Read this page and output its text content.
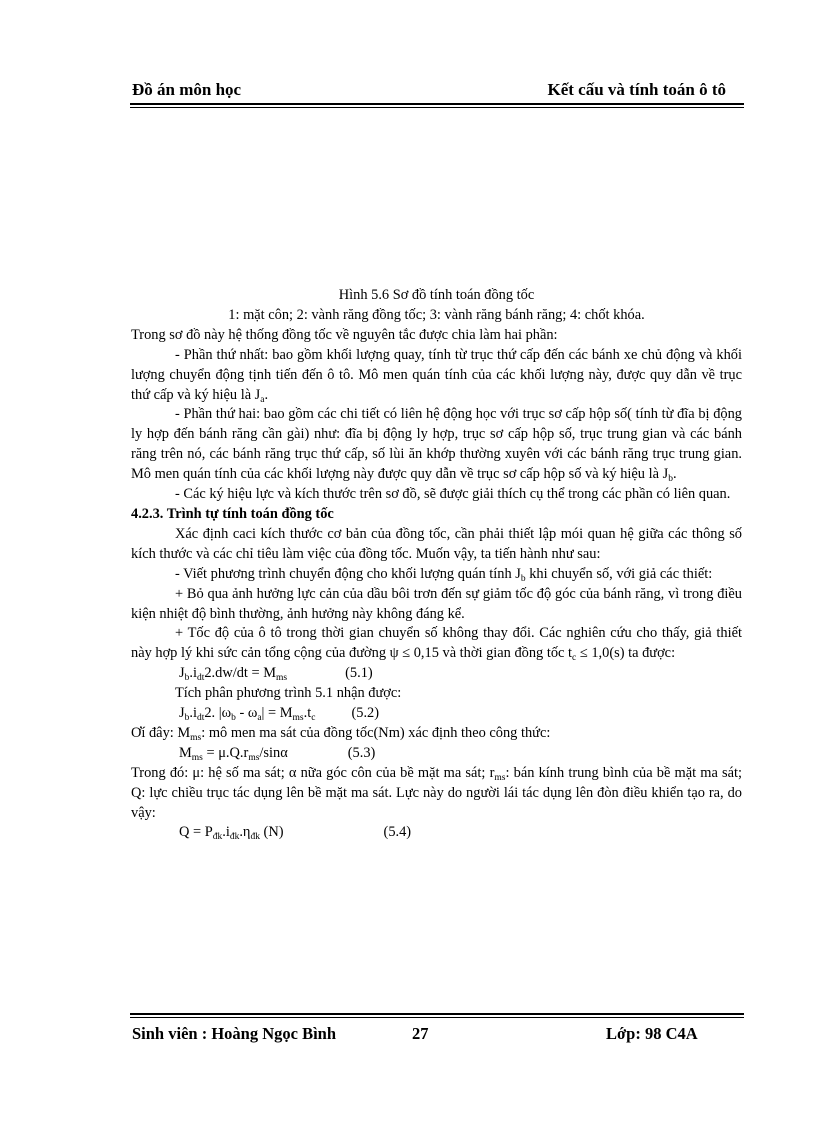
Đồ án môn học	Kết cấu và tính toán ô tô

Hình 5.6 Sơ đồ tính toán đồng tốc

1: mặt côn; 2: vành răng đồng tốc; 3: vành răng bánh răng; 4: chốt khóa.

Trong sơ đồ này hệ thống đồng tốc về nguyên tắc được chia làm hai phần:

- Phần thứ nhất: bao gồm khối lượng quay, tính từ trục thứ cấp đến các bánh xe chủ động và khối lượng chuyển động tịnh tiến đến ô tô. Mô men quán tính của các khối lượng này, được quy dẫn về trục thứ cấp và ký hiệu là $J_a$.

- Phần thứ hai: bao gồm các chi tiết có liên hệ động học với trục sơ cấp hộp số( tính từ đĩa bị động ly hợp đến bánh răng cần gài) như: đĩa bị động ly hợp, trục sơ cấp hộp số, trục trung gian và các bánh răng trên nó, các bánh răng trục thứ cấp, số lùi ăn khớp thường xuyên với các bánh răng trục trung gian. Mô men quán tính của các khối lượng này được quy dẫn về trục sơ cấp hộp số và ký hiệu là $J_b$.

- Các ký hiệu lực và kích thước trên sơ đồ, sẽ được giải thích cụ thể trong các phần có liên quan.

4.2.3. Trình tự tính toán đồng tốc

Xác định caci kích thước cơ bản của đồng tốc, cần phải thiết lập mói quan hệ giữa các thông số kích thước và các chỉ tiêu làm việc của đồng tốc. Muốn vậy, ta tiến hành như sau:

- Viết phương trình chuyển động cho khối lượng quán tính $J_b$ khi chuyển số, với giả các thiết:

+ Bỏ qua ảnh hưởng lực cản của dầu bôi trơn đến sự giảm tốc độ góc của bánh răng, vì trong điều kiện nhiệt độ bình thường, ảnh hưởng này không đáng kể.

+ Tốc độ của ô tô trong thời gian chuyển số không thay đổi. Các nghiên cứu cho thấy, giả thiết này hợp lý khi sức cản tổng cộng của đường ψ ≤ 0,15 và thời gian đồng tốc $t_c \le 1,0(s)$ ta được:

$J_b.i_{dt}2.dw/dt = M_{ms}$	(5.1)

Tích phân phương trình 5.1 nhận được:

$J_b.i_{dt}2$. $|\omega_b - \omega_a| = M_{ms}.t_c$	(5.2)

Ơí đây: $M_{ms}$: mô men ma sát của đồng tốc(Nm) xác định theo công thức:

$M_{ms} = \mu.Q.r_{ms}/\sin\alpha$	(5.3)

Trong đó: μ: hệ số ma sát; α nữa góc côn của bề mặt ma sát; $r_{ms}$: bán kính trung bình của bề mặt ma sát; Q: lực chiều trục tác dụng lên bề mặt ma sát. Lực này do người lái tác dụng lên đòn điều khiển tạo ra, do vậy:

$Q = P_{đk}.i_{đk}.\eta_{đk}$ (N)	(5.4)

Sinh viên : Hoàng Ngọc Bình	27	Lớp: 98 C4A
